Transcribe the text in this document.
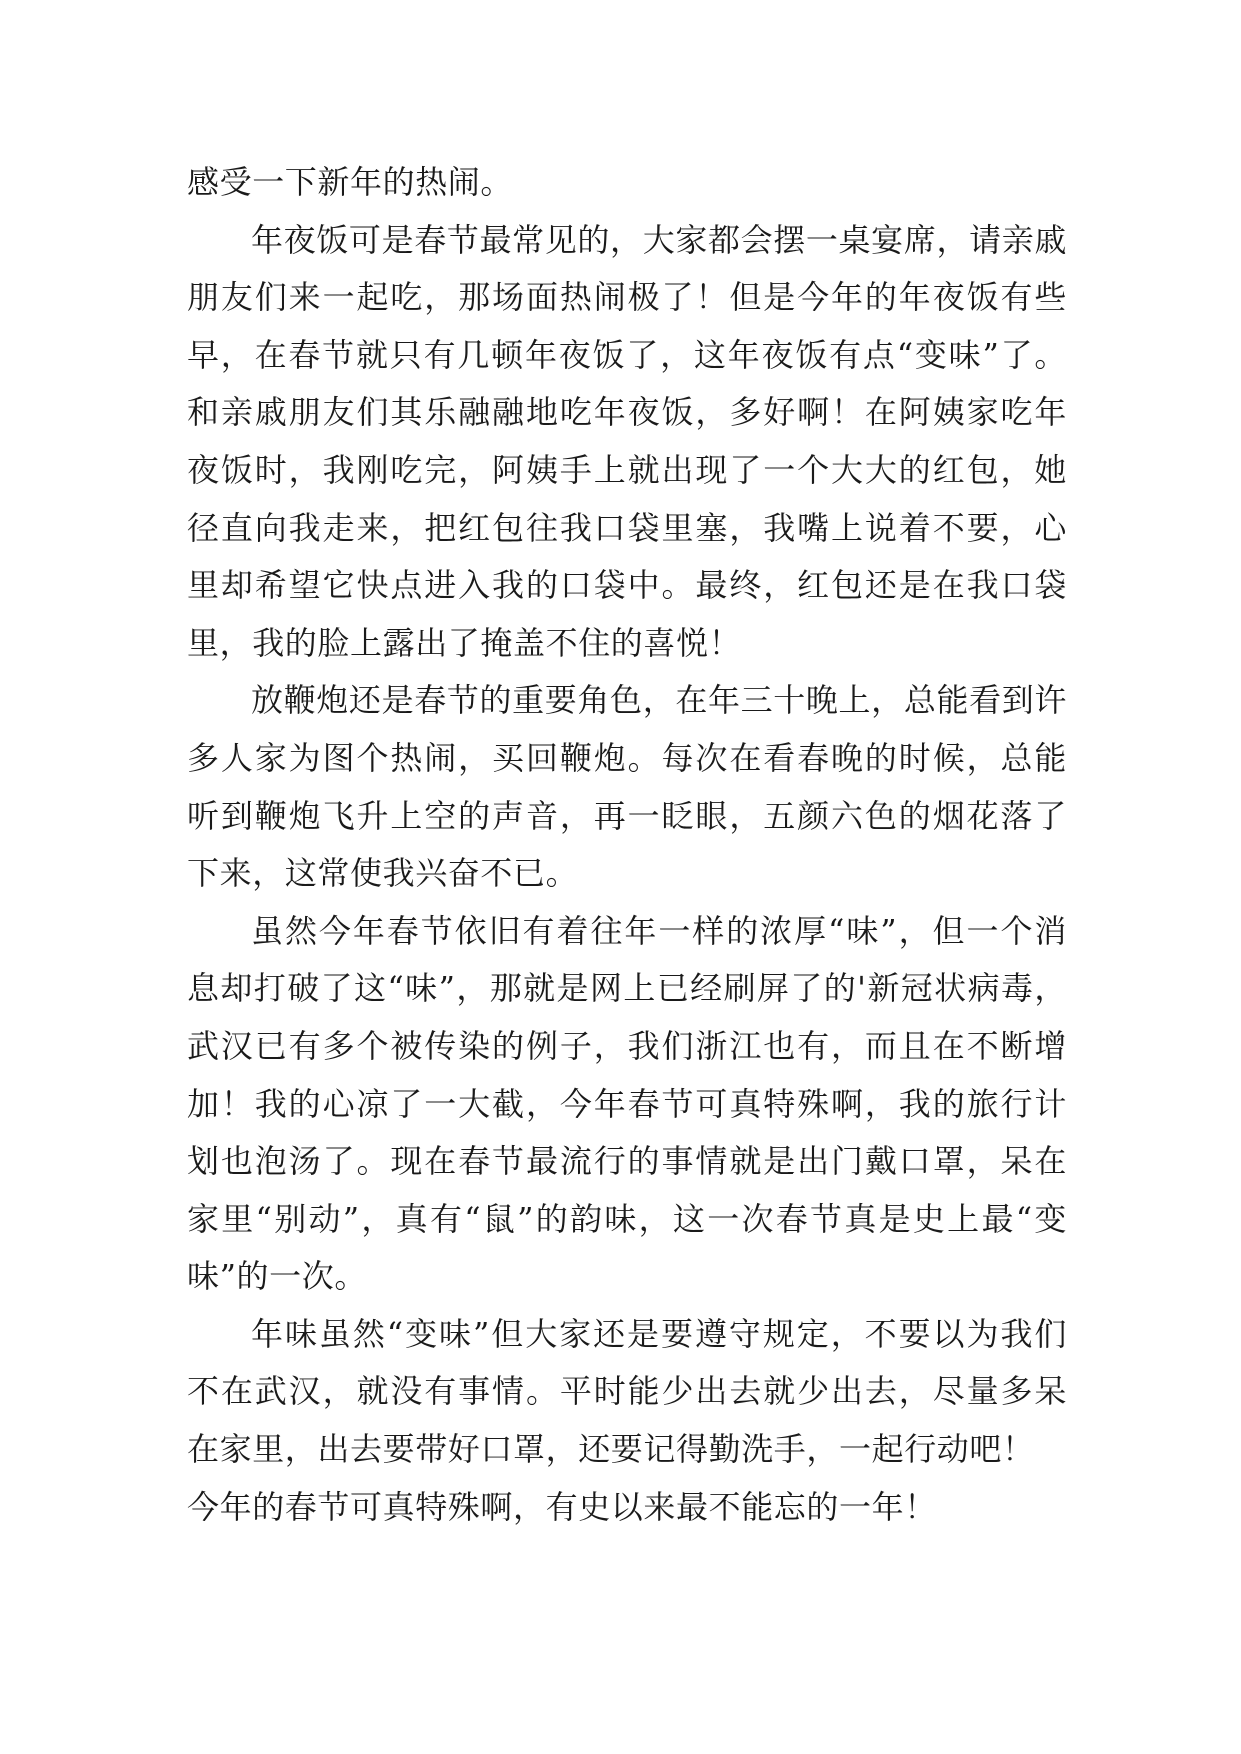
感受一下新年的热闹。

年夜饭可是春节最常见的，大家都会摆一桌宴席，请亲戚朋友们来一起吃，那场面热闹极了！但是今年的年夜饭有些早，在春节就只有几顿年夜饭了，这年夜饭有点“变味”了。和亲戚朋友们其乐融融地吃年夜饭，多好啊！在阿姨家吃年夜饭时，我刚吃完，阿姨手上就出现了一个大大的红包，她径直向我走来，把红包往我口袋里塞，我嘴上说着不要，心里却希望它快点进入我的口袋中。最终，红包还是在我口袋里，我的脸上露出了掩盖不住的喜悦！

放鞭炮还是春节的重要角色，在年三十晚上，总能看到许多人家为图个热闹，买回鞭炮。每次在看春晚的时候，总能听到鞭炮飞升上空的声音，再一眨眼，五颜六色的烟花落了下来，这常使我兴奋不已。

虽然今年春节依旧有着往年一样的浓厚“味”，但一个消息却打破了这“味”，那就是网上已经刷屏了的'新冠状病毒，武汉已有多个被传染的例子，我们浙江也有，而且在不断增加！我的心凉了一大截，今年春节可真特殊啊，我的旅行计划也泡汤了。现在春节最流行的事情就是出门戴口罩，呆在家里“别动”，真有“鼠”的韵味，这一次春节真是史上最“变味”的一次。

年味虽然“变味”但大家还是要遵守规定，不要以为我们不在武汉，就没有事情。平时能少出去就少出去，尽量多呆在家里，出去要带好口罩，还要记得勤洗手，一起行动吧！

今年的春节可真特殊啊，有史以来最不能忘的一年！
